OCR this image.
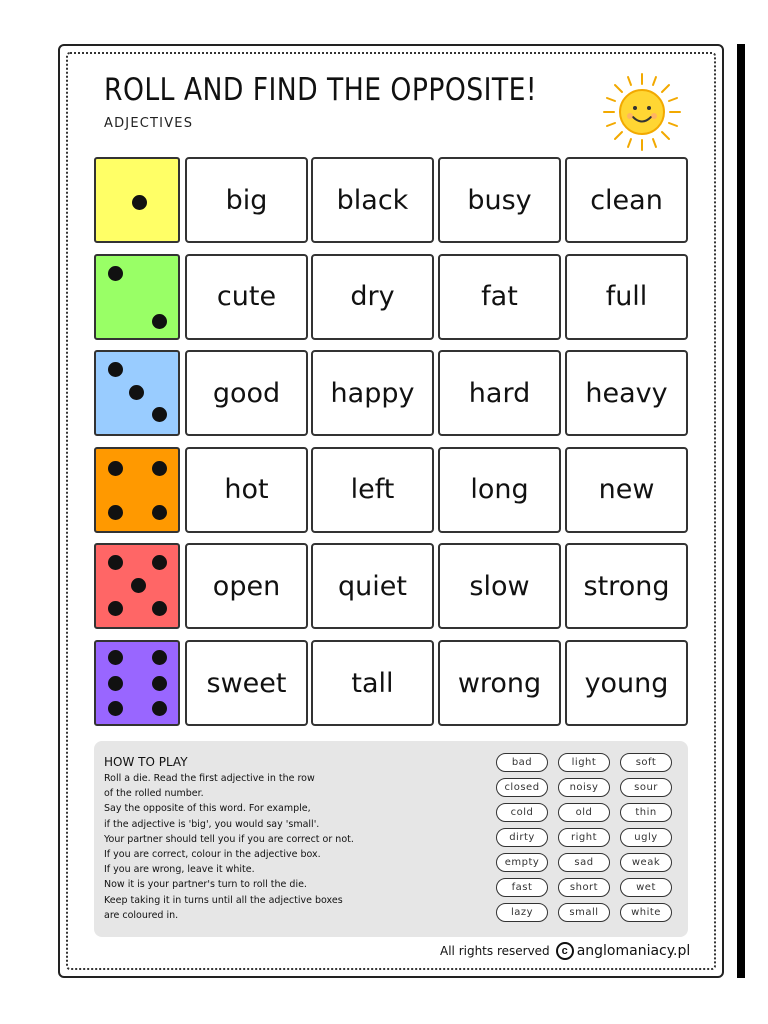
ROLL AND FIND THE OPPOSITE!
ADJECTIVES
big	black	busy	clean
cute	dry	fat	full
good	happy	hard	heavy
hot	left	long	new
open	quiet	slow	strong
sweet	tall	wrong	young
HOW TO PLAY
Roll a die. Read the first adjective in the row
of the rolled number.
Say the opposite of this word. For example,
if the adjective is 'big', you would say 'small'.
Your partner should tell you if you are correct or not.
If you are correct, colour in the adjective box.
If you are wrong, leave it white.
Now it is your partner's turn to roll the die.
Keep taking it in turns until all the adjective boxes
are coloured in.
bad	light	soft
closed	noisy	sour
cold	old	thin
dirty	right	ugly
empty	sad	weak
fast	short	wet
lazy	small	white
All rights reserved	c anglomaniacy.pl
